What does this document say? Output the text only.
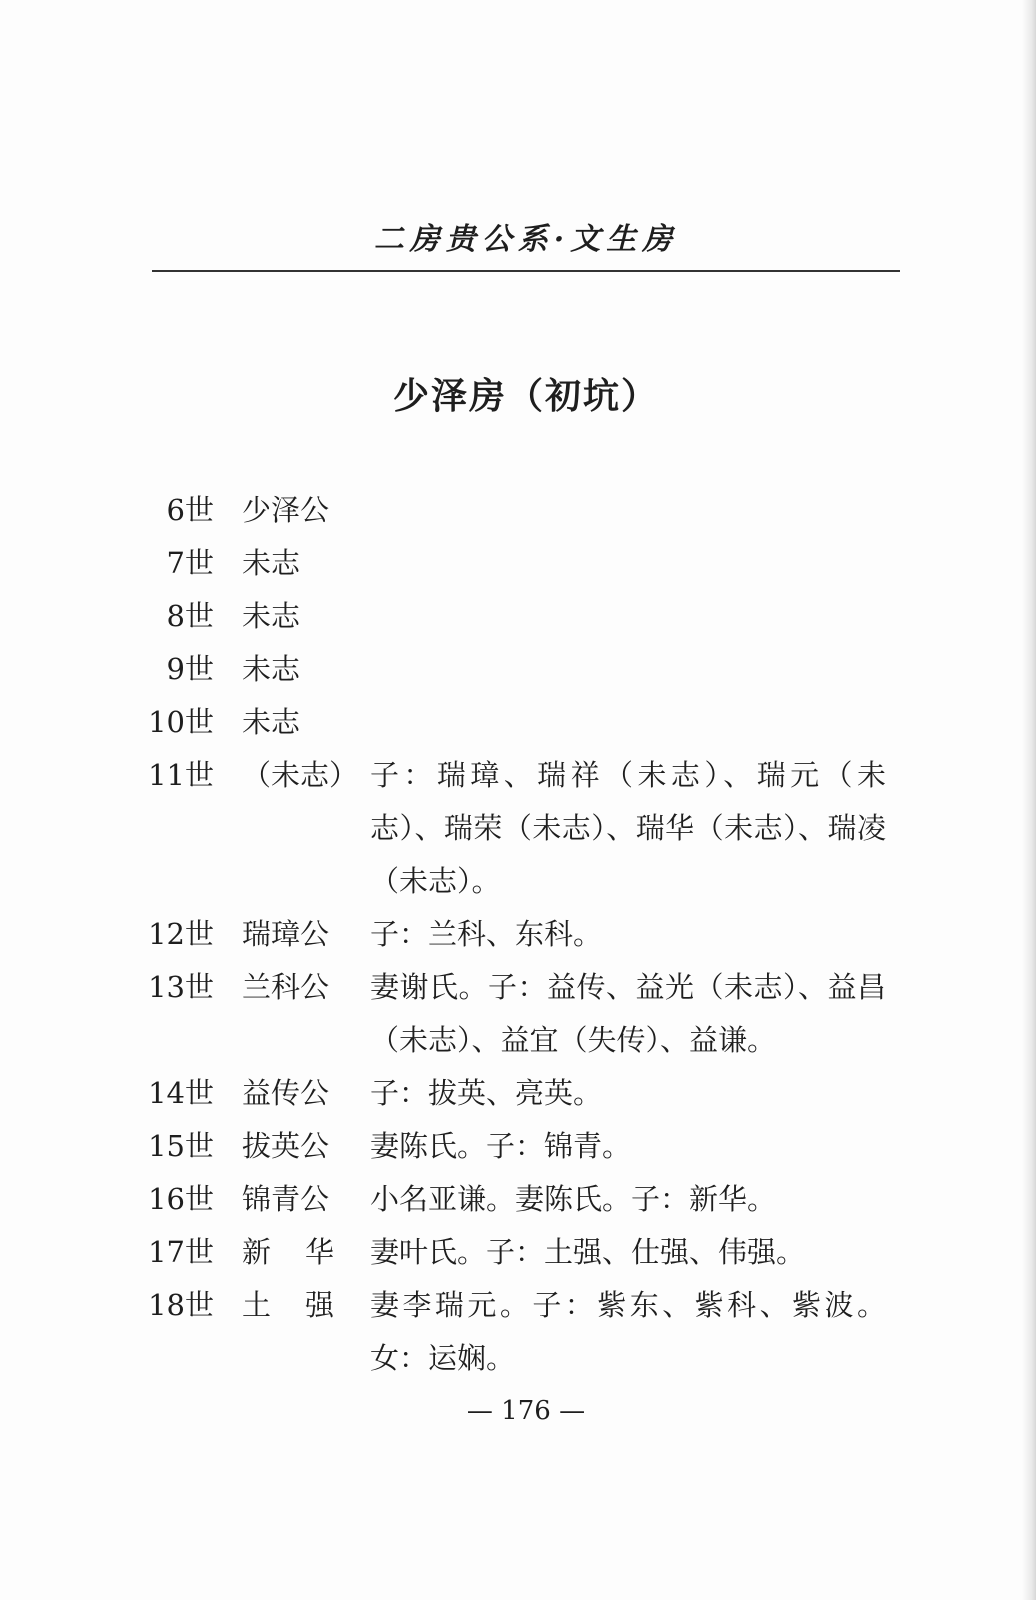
二房贵公系·文生房
少泽房（初坑）
6世 少泽公
7世 未志
8世 未志
9世 未志
10世 未志
11世 （未志） 子：瑞璋、瑞祥（未志）、瑞元（未志）、瑞荣（未志）、瑞华（未志）、瑞凌（未志）。
12世 瑞璋公	子：兰科、东科。
13世 兰科公	妻谢氏。子：益传、益光（未志）、益昌（未志）、益宜（失传）、益谦。
14世 益传公	子：拔英、亮英。
15世 拔英公	妻陈氏。子：锦青。
16世 锦青公	小名亚谦。妻陈氏。子：新华。
17世 新华 妻叶氏。子：土强、仕强、伟强。
18世 土强 妻李瑞元。子：紫东、紫科、紫波。女：运娴。
— 176 —
